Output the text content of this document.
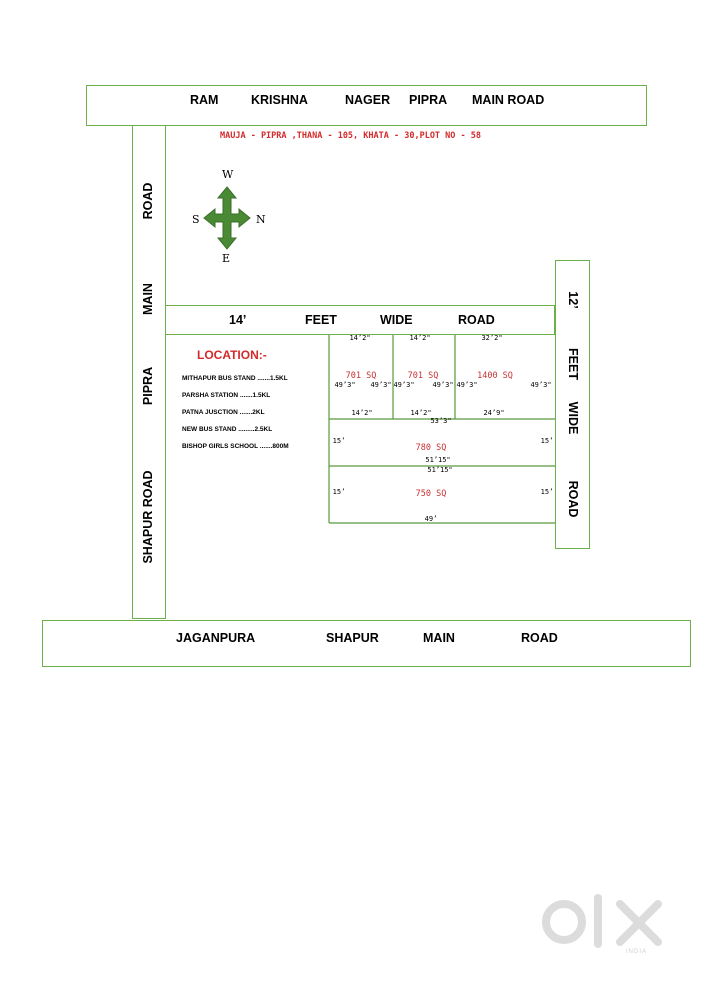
RAM	KRISHNA	NAGER PIPRA MAIN ROAD
MAUJA - PIPRA ,THANA - 105, KHATA - 30,PLOT NO - 58
ROAD
MAIN
PIPRA
SHAPUR ROAD
W
E
S	N
14’	FEET	WIDE	ROAD
12’
FEET
WIDE
ROAD
701 SQ	701 SQ	1400 SQ
780 SQ
750 SQ
14’2"	14’2"	32’2"
49’3" 49’3" 49’3"	49’3" 49’3"	49’3"
14’2"	14’2"	24’9"
53’3"
15’	15’
51’15"
51’15"
15’	15’
49’
LOCATION:-
MITHAPUR BUS STAND .......1.5KL
PARSHA STATION .......1.5KL
PATNA JUSCTION .......2KL
NEW BUS STAND .........2.5KL
BISHOP GIRLS SCHOOL .......800M
JAGANPURA	SHAPUR	MAIN	ROAD
INDIA
